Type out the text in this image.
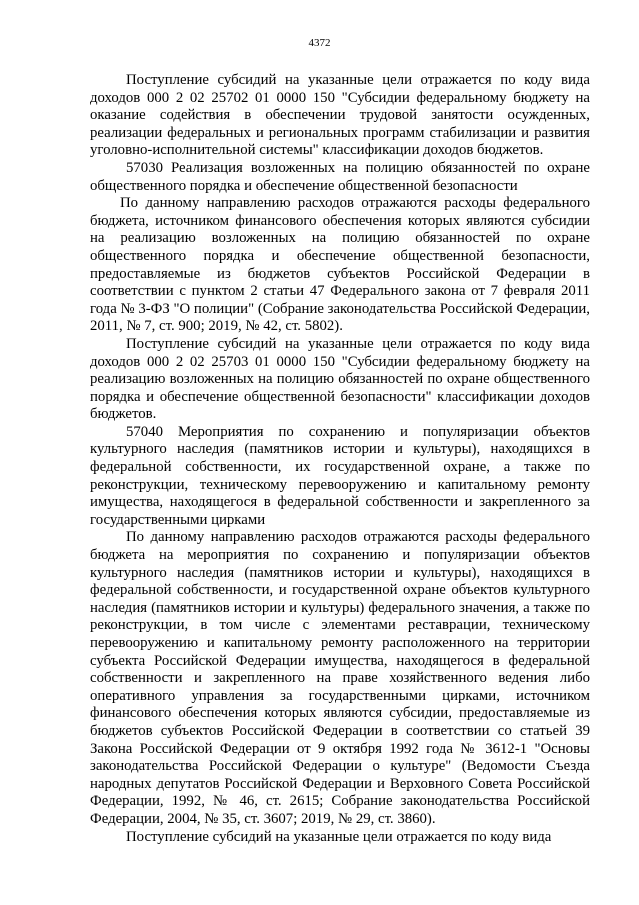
4372

Поступление субсидий на указанные цели отражается по коду вида доходов 000 2 02 25702 01 0000 150 "Субсидии федеральному бюджету на оказание содействия в обеспечении трудовой занятости осужденных, реализации федеральных и региональных программ стабилизации и развития уголовно-исполнительной системы" классификации доходов бюджетов.

57030 Реализация возложенных на полицию обязанностей по охране общественного порядка и обеспечение общественной безопасности

По данному направлению расходов отражаются расходы федерального бюджета, источником финансового обеспечения которых являются субсидии на реализацию возложенных на полицию обязанностей по охране общественного порядка и обеспечение общественной безопасности, предоставляемые из бюджетов субъектов Российской Федерации в соответствии с пунктом 2 статьи 47 Федерального закона от 7 февраля 2011 года № 3-ФЗ "О полиции" (Собрание законодательства Российской Федерации, 2011, № 7, ст. 900; 2019, № 42, ст. 5802).

Поступление субсидий на указанные цели отражается по коду вида доходов 000 2 02 25703 01 0000 150 "Субсидии федеральному бюджету на реализацию возложенных на полицию обязанностей по охране общественного порядка и обеспечение общественной безопасности" классификации доходов бюджетов.

57040 Мероприятия по сохранению и популяризации объектов культурного наследия (памятников истории и культуры), находящихся в федеральной собственности, их государственной охране, а также по реконструкции, техническому перевооружению и капитальному ремонту имущества, находящегося в федеральной собственности и закрепленного за государственными цирками

По данному направлению расходов отражаются расходы федерального бюджета на мероприятия по сохранению и популяризации объектов культурного наследия (памятников истории и культуры), находящихся в федеральной собственности, и государственной охране объектов культурного наследия (памятников истории и культуры) федерального значения, а также по реконструкции, в том числе с элементами реставрации, техническому перевооружению и капитальному ремонту расположенного на территории субъекта Российской Федерации имущества, находящегося в федеральной собственности и закрепленного на праве хозяйственного ведения либо оперативного управления за государственными цирками, источником финансового обеспечения которых являются субсидии, предоставляемые из бюджетов субъектов Российской Федерации в соответствии со статьей 39 Закона Российской Федерации от 9 октября 1992 года № 3612-1 "Основы законодательства Российской Федерации о культуре" (Ведомости Съезда народных депутатов Российской Федерации и Верховного Совета Российской Федерации, 1992, № 46, ст. 2615; Собрание законодательства Российской Федерации, 2004, № 35, ст. 3607; 2019, № 29, ст. 3860).

Поступление субсидий на указанные цели отражается по коду вида
